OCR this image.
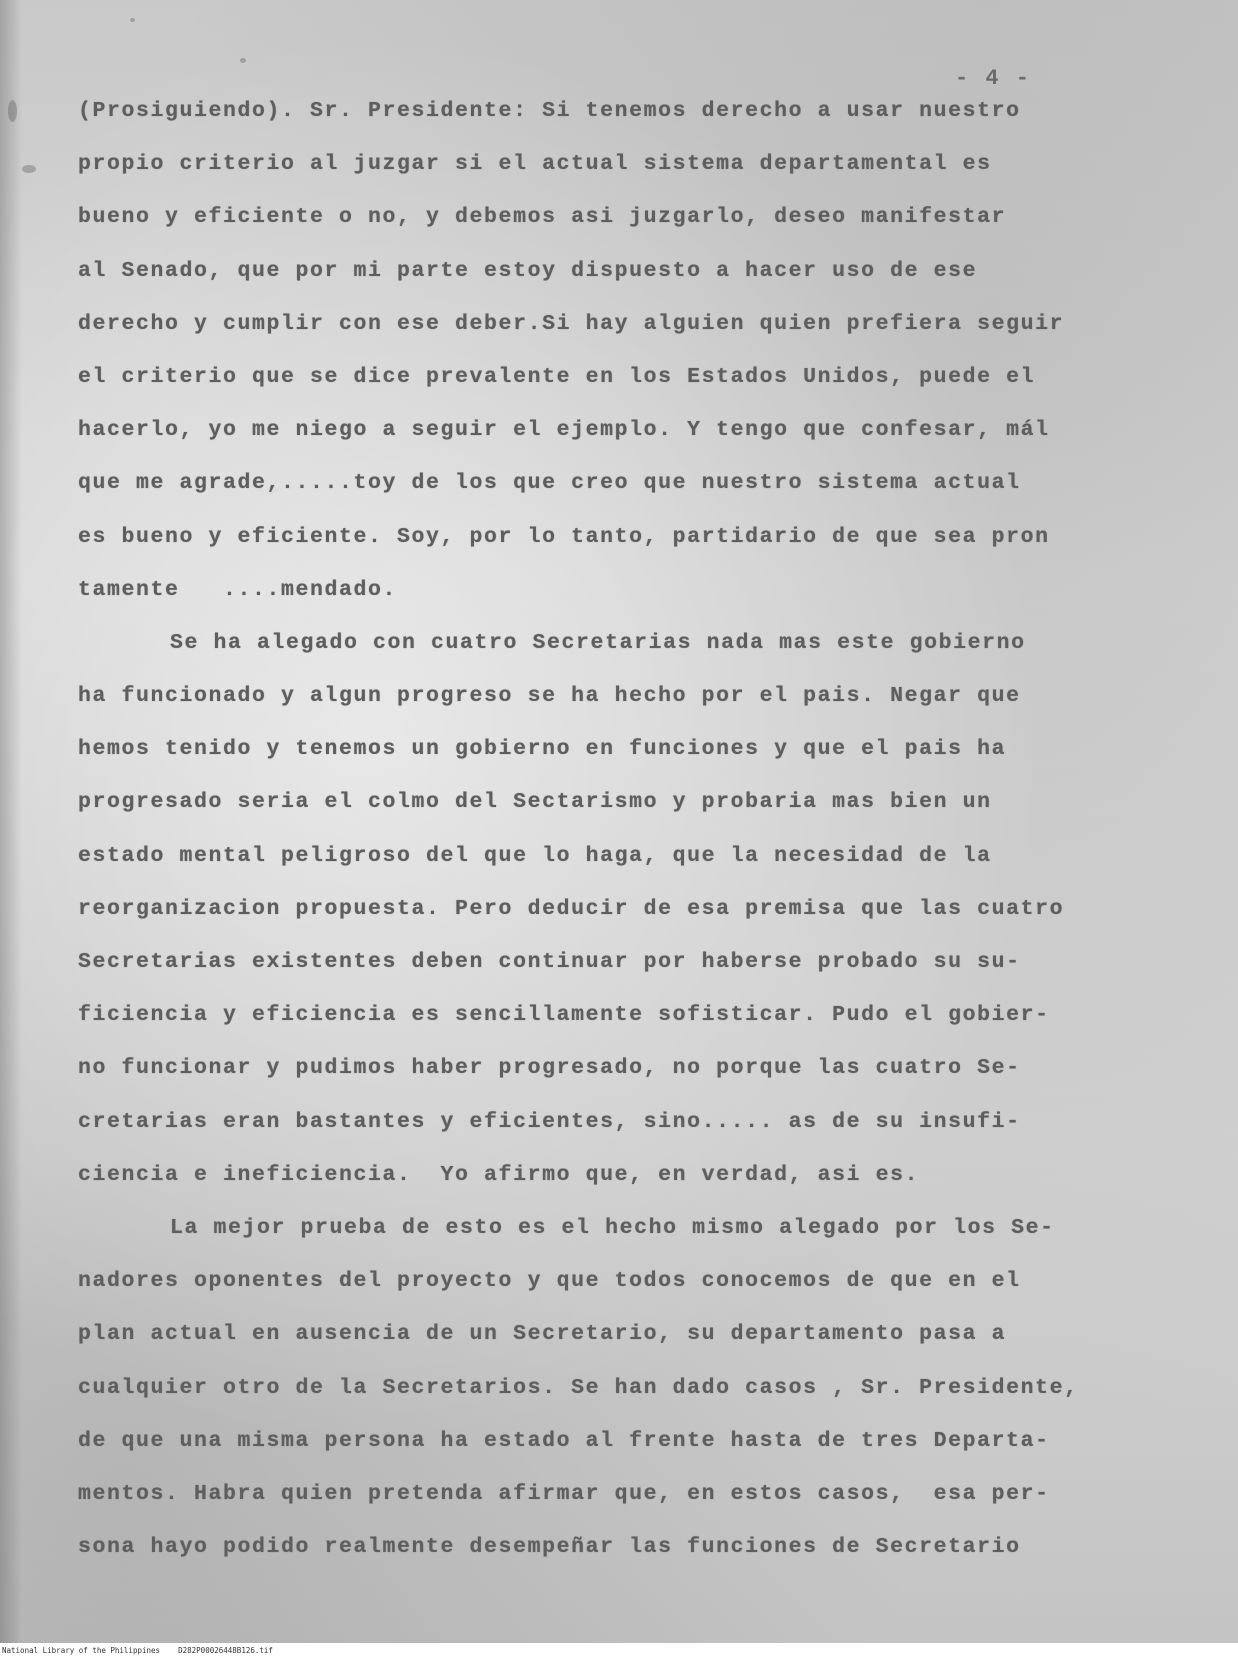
- 4 -
(Prosiguiendo). Sr. Presidente: Si tenemos derecho a usar nuestro
propio criterio al juzgar si el actual sistema departamental es
bueno y eficiente o no, y debemos asi juzgarlo, deseo manifestar
al Senado, que por mi parte estoy dispuesto a hacer uso de ese
derecho y cumplir con ese deber.Si hay alguien quien prefiera seguir
el criterio que se dice prevalente en los Estados Unidos, puede el
hacerlo, yo me niego a seguir el ejemplo. Y tengo que confesar, mál
que me agrade,.....toy de los que creo que nuestro sistema actual
es bueno y eficiente. Soy, por lo tanto, partidario de que sea pron
tamente   ....mendado.
Se ha alegado con cuatro Secretarias nada mas este gobierno
ha funcionado y algun progreso se ha hecho por el pais. Negar que
hemos tenido y tenemos un gobierno en funciones y que el pais ha
progresado seria el colmo del Sectarismo y probaria mas bien un
estado mental peligroso del que lo haga, que la necesidad de la
reorganizacion propuesta. Pero deducir de esa premisa que las cuatro
Secretarias existentes deben continuar por haberse probado su su-
ficiencia y eficiencia es sencillamente sofisticar. Pudo el gobier-
no funcionar y pudimos haber progresado, no porque las cuatro Se-
cretarias eran bastantes y eficientes, sino..... as de su insufi-
ciencia e ineficiencia.  Yo afirmo que, en verdad, asi es.
La mejor prueba de esto es el hecho mismo alegado por los Se-
nadores oponentes del proyecto y que todos conocemos de que en el
plan actual en ausencia de un Secretario, su departamento pasa a
cualquier otro de la Secretarios. Se han dado casos , Sr. Presidente,
de que una misma persona ha estado al frente hasta de tres Departa-
mentos. Habra quien pretenda afirmar que, en estos casos,  esa per-
sona hayo podido realmente desempeñar las funciones de Secretario
National Library of the Philippines    D282P00026448B126.tif
